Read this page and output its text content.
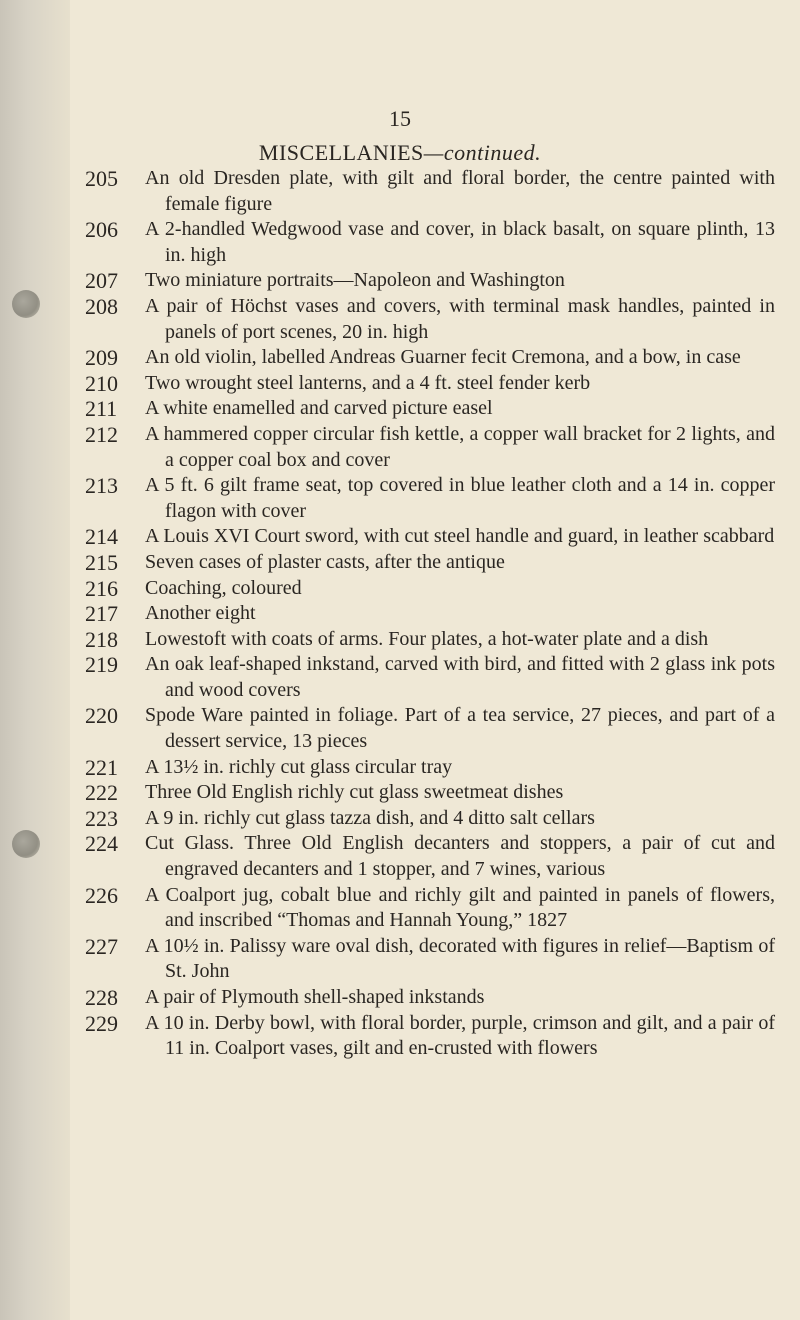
15
MISCELLANIES—continued.
205	An old Dresden plate, with gilt and floral border, the centre painted with female figure
206	A 2-handled Wedgwood vase and cover, in black basalt, on square plinth, 13 in. high
207	Two miniature portraits—Napoleon and Washington
208	A pair of Höchst vases and covers, with terminal mask handles, painted in panels of port scenes, 20 in. high
209	An old violin, labelled Andreas Guarner fecit Cremona, and a bow, in case
210	Two wrought steel lanterns, and a 4 ft. steel fender kerb
211	A white enamelled and carved picture easel
212	A hammered copper circular fish kettle, a copper wall bracket for 2 lights, and a copper coal box and cover
213	A 5 ft. 6 gilt frame seat, top covered in blue leather cloth and a 14 in. copper flagon with cover
214	A Louis XVI Court sword, with cut steel handle and guard, in leather scabbard
215	Seven cases of plaster casts, after the antique
216	Coaching, coloured
217	Another eight
218	Lowestoft with coats of arms. Four plates, a hot-water plate and a dish
219	An oak leaf-shaped inkstand, carved with bird, and fitted with 2 glass ink pots and wood covers
220	Spode Ware painted in foliage. Part of a tea service, 27 pieces, and part of a dessert service, 13 pieces
221	A 13½ in. richly cut glass circular tray
222	Three Old English richly cut glass sweetmeat dishes
223	A 9 in. richly cut glass tazza dish, and 4 ditto salt cellars
224	Cut Glass. Three Old English decanters and stoppers, a pair of cut and engraved decanters and 1 stopper, and 7 wines, various
226	A Coalport jug, cobalt blue and richly gilt and painted in panels of flowers, and inscribed “Thomas and Hannah Young,” 1827
227	A 10½ in. Palissy ware oval dish, decorated with figures in relief—Baptism of St. John
228	A pair of Plymouth shell-shaped inkstands
229	A 10 in. Derby bowl, with floral border, purple, crimson and gilt, and a pair of 11 in. Coalport vases, gilt and en-crusted with flowers
